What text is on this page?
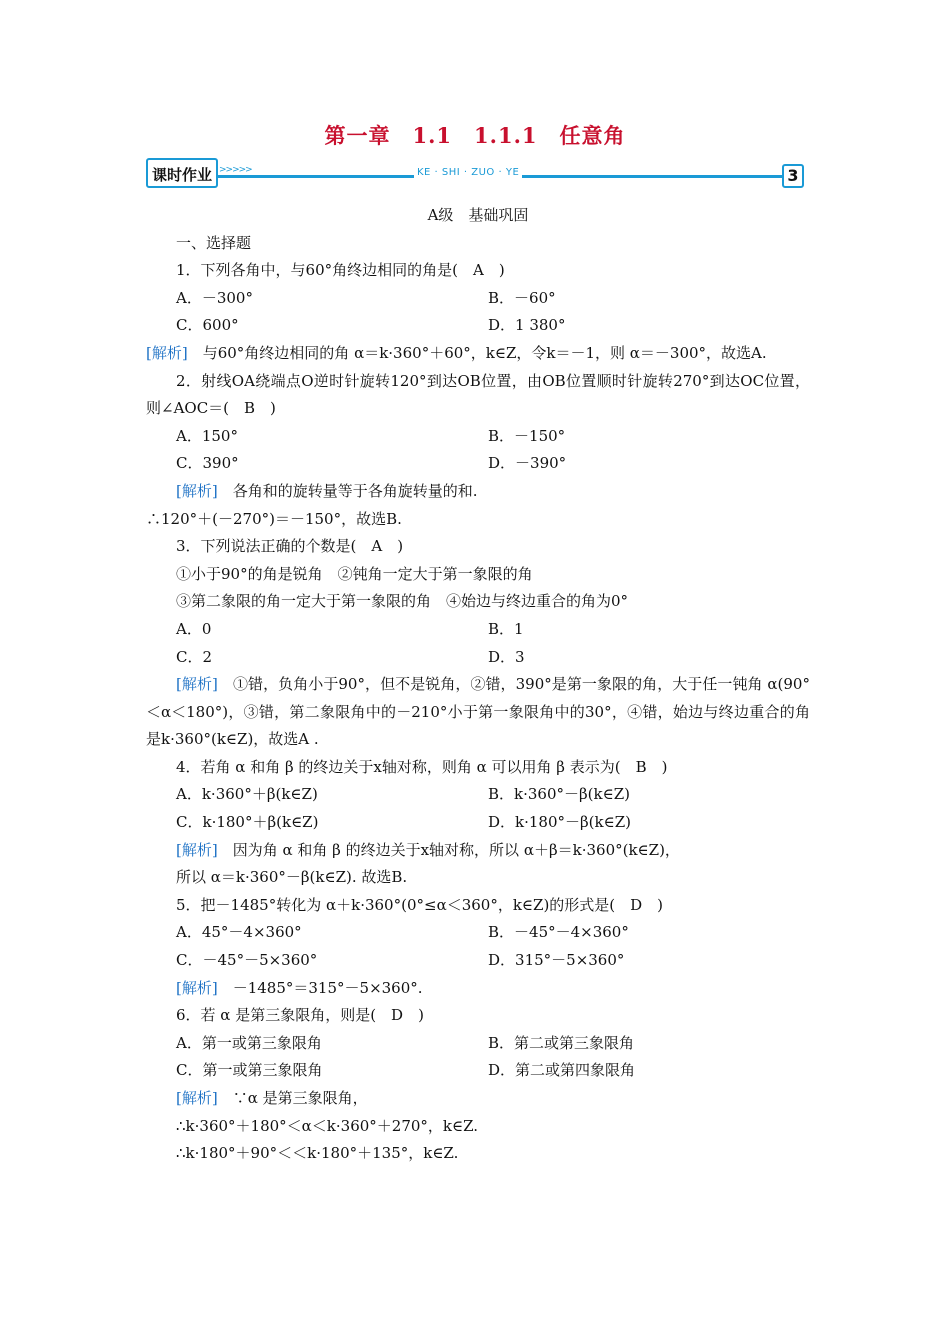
第一章　1.1　1.1.1　任意角
课时作业 >>>>>	KE · SHI · ZUO · YE	3
A级　基础巩固
一、选择题
1．下列各角中，与60°角终边相同的角是(　A　)
A．－300°	B．－60°
C．600°	D．1 380°
[解析]　与60°角终边相同的角 α＝k·360°＋60°，k∈Z，令k＝－1，则 α＝－300°，故选A.
2．射线OA绕端点O逆时针旋转120°到达OB位置，由OB位置顺时针旋转270°到达OC位置，则∠AOC＝(　B　)
A．150°	B．－150°
C．390°	D．－390°
[解析]　各角和的旋转量等于各角旋转量的和.
∴120°＋(－270°)＝－150°，故选B.
3．下列说法正确的个数是(　A　)
①小于90°的角是锐角　②钝角一定大于第一象限的角
③第二象限的角一定大于第一象限的角　④始边与终边重合的角为0°
A．0	B．1
C．2	D．3
[解析]　①错，负角小于90°，但不是锐角，②错，390°是第一象限的角，大于任一钝角 α(90°＜α＜180°)，③错，第二象限角中的－210°小于第一象限角中的30°，④错，始边与终边重合的角是k·360°(k∈Z)，故选A .
4．若角 α 和角 β 的终边关于x轴对称，则角 α 可以用角 β 表示为(　B　)
A．k·360°＋β(k∈Z)	B．k·360°－β(k∈Z)
C．k·180°＋β(k∈Z)	D．k·180°－β(k∈Z)
[解析]　因为角 α 和角 β 的终边关于x轴对称，所以 α＋β＝k·360°(k∈Z)，
所以 α＝k·360°－β(k∈Z). 故选B.
5．把－1485°转化为 α＋k·360°(0°≤α＜360°，k∈Z)的形式是(　D　)
A．45°－4×360°	B．－45°－4×360°
C．－45°－5×360°	D．315°－5×360°
[解析]　－1485°＝315°－5×360°.
6．若 α 是第三象限角，则是(　D　)
A．第一或第三象限角	B．第二或第三象限角
C．第一或第三象限角	D．第二或第四象限角
[解析]　∵α 是第三象限角，
∴k·360°＋180°＜α＜k·360°＋270°，k∈Z.
∴k·180°＋90°＜＜k·180°＋135°，k∈Z.
